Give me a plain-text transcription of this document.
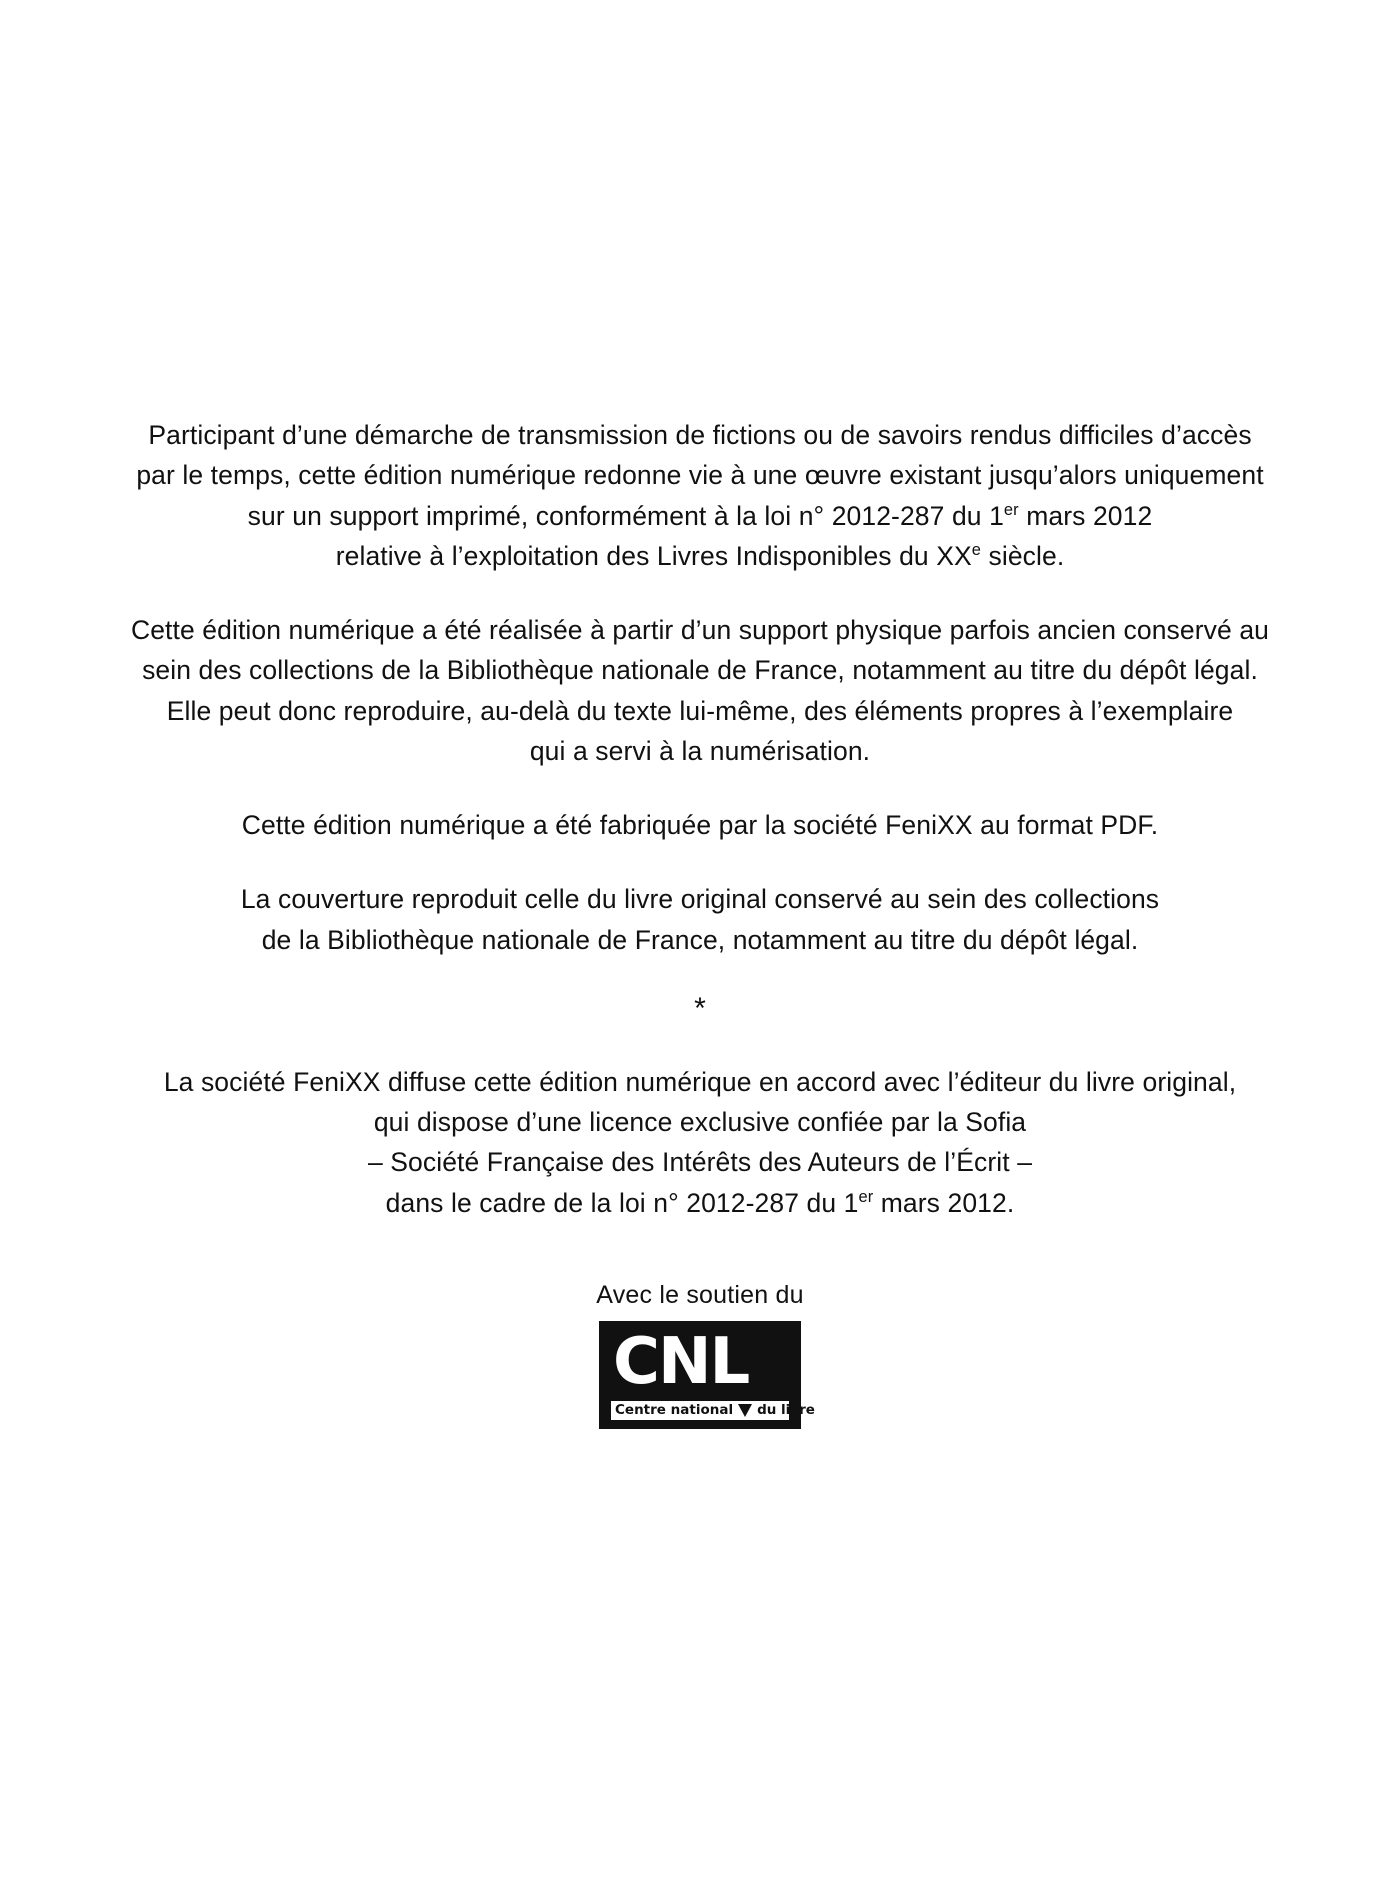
Participant d’une démarche de transmission de fictions ou de savoirs rendus difficiles d’accès
par le temps, cette édition numérique redonne vie à une œuvre existant jusqu’alors uniquement
sur un support imprimé, conformément à la loi n° 2012-287 du 1er mars 2012
relative à l’exploitation des Livres Indisponibles du XXe siècle.

Cette édition numérique a été réalisée à partir d’un support physique parfois ancien conservé au
sein des collections de la Bibliothèque nationale de France, notamment au titre du dépôt légal.
Elle peut donc reproduire, au-delà du texte lui-même, des éléments propres à l’exemplaire
qui a servi à la numérisation.

Cette édition numérique a été fabriquée par la société FeniXX au format PDF.

La couverture reproduit celle du livre original conservé au sein des collections
de la Bibliothèque nationale de France, notamment au titre du dépôt légal.

*

La société FeniXX diffuse cette édition numérique en accord avec l’éditeur du livre original,
qui dispose d’une licence exclusive confiée par la Sofia
– Société Française des Intérêts des Auteurs de l’Écrit –
dans le cadre de la loi n° 2012-287 du 1er mars 2012.

Avec le soutien du
CNL
Centre national du livre
